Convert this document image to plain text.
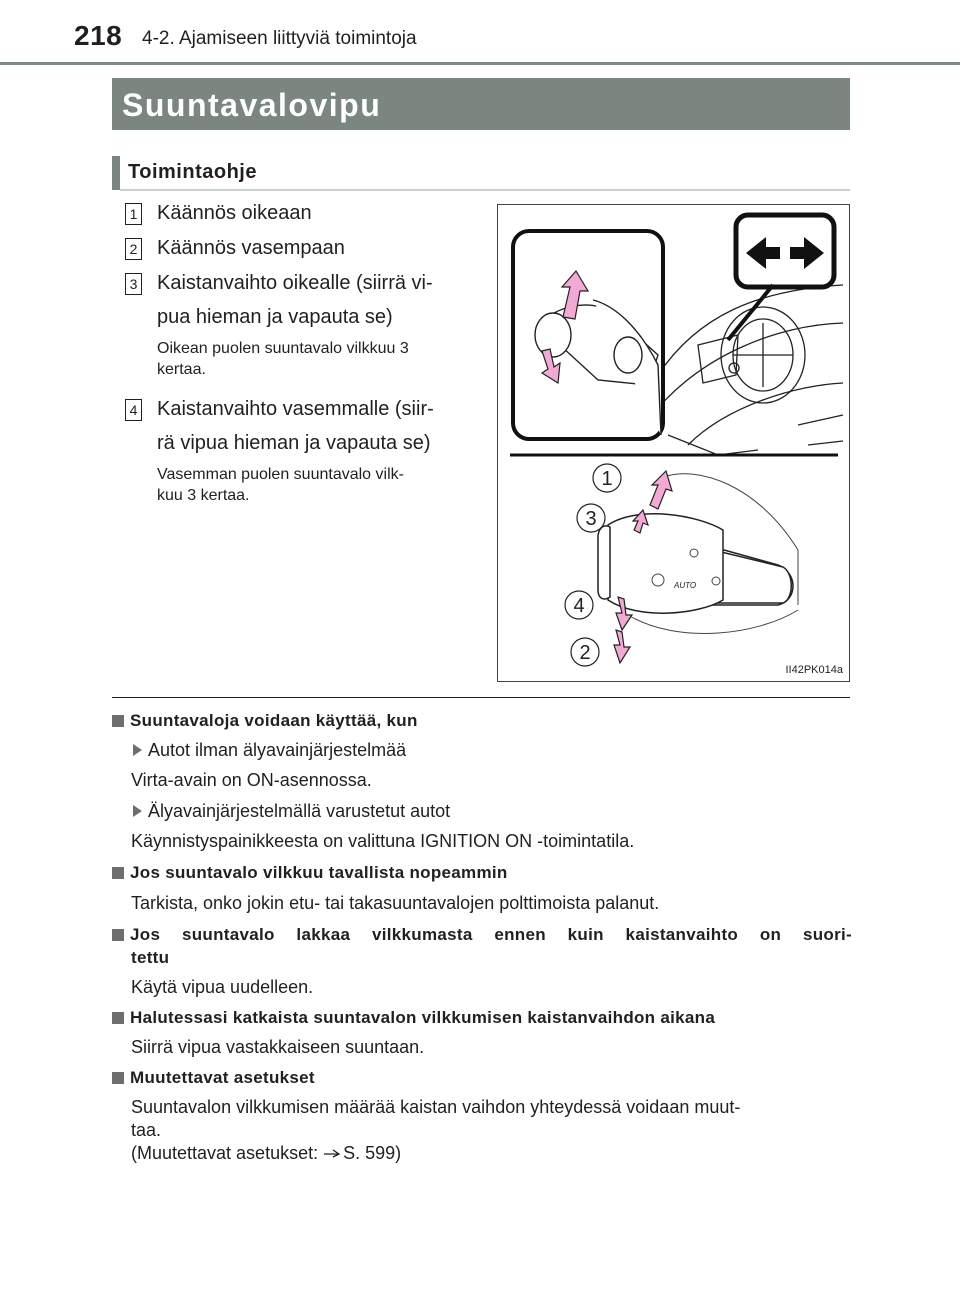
218 4-2. Ajamiseen liittyviä toimintoja
Suuntavalovipu
Toimintaohje
1 Käännös oikeaan
2 Käännös vasempaan
3 Kaistanvaihto oikealle (siirrä vi-
pua hieman ja vapauta se)
Oikean puolen suuntavalo vilkkuu 3
kertaa.
4 Kaistanvaihto vasemmalle (siir-
rä vipua hieman ja vapauta se)
Vasemman puolen suuntavalo vilk-
kuu 3 kertaa.
AUTO
1
3
4
2
II42PK014a
Suuntavaloja voidaan käyttää, kun
Autot ilman älyavainjärjestelmää
Virta-avain on ON-asennossa.
Älyavainjärjestelmällä varustetut autot
Käynnistyspainikkeesta on valittuna IGNITION ON -toimintatila.
Jos suuntavalo vilkkuu tavallista nopeammin
Tarkista, onko jokin etu- tai takasuuntavalojen polttimoista palanut.
Jos suuntavalo lakkaa vilkkumasta ennen kuin kaistanvaihto on suori-
tettu
Käytä vipua uudelleen.
Halutessasi katkaista suuntavalon vilkkumisen kaistanvaihdon aikana
Siirrä vipua vastakkaiseen suuntaan.
Muutettavat asetukset
Suuntavalon vilkkumisen määrää kaistan vaihdon yhteydessä voidaan muut-
taa.
(Muutettavat asetukset: S. 599)
